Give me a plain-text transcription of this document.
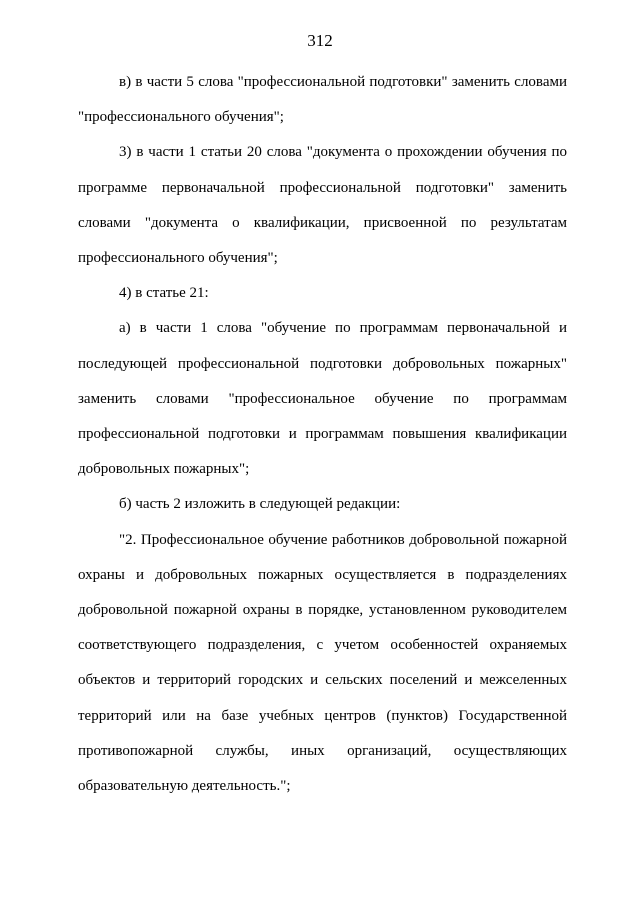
312

в) в части 5 слова "профессиональной подготовки" заменить словами "профессионального обучения";

3) в части 1 статьи 20 слова "документа о прохождении обучения по программе первоначальной профессиональной подготовки" заменить словами "документа о квалификации, присвоенной по результатам профессионального обучения";

4) в статье 21:

а) в части 1 слова "обучение по программам первоначальной и последующей профессиональной подготовки добровольных пожарных" заменить словами "профессиональное обучение по программам профессиональной подготовки и программам повышения квалификации добровольных пожарных";

б) часть 2 изложить в следующей редакции:

"2. Профессиональное обучение работников добровольной пожарной охраны и добровольных пожарных осуществляется в подразделениях добровольной пожарной охраны в порядке, установленном руководителем соответствующего подразделения, с учетом особенностей охраняемых объектов и территорий городских и сельских поселений и межселенных территорий или на базе учебных центров (пунктов) Государственной противопожарной службы, иных организаций, осуществляющих образовательную деятельность.";
